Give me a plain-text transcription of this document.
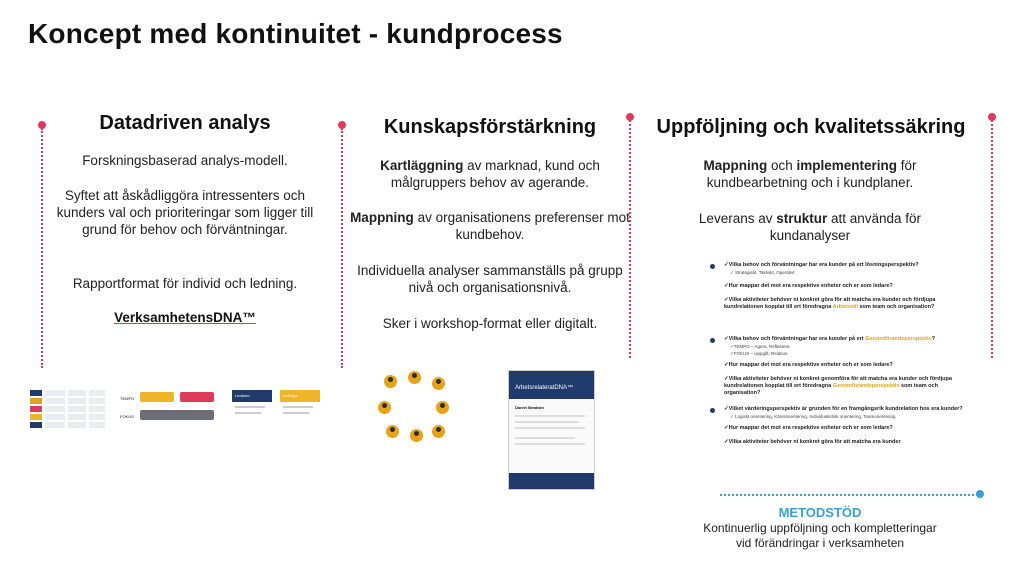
Koncept med kontinuitet - kundprocess
Datadriven analys
Forskningsbaserad analys-modell.
Syftet att åskådliggöra intressenters och kunders val och prioriteringar som ligger till grund för behov och förväntningar.
Rapportformat för individ och ledning.
VerksamhetensDNA™
TEMPO
FOKUS
Ledaren	Kollegor
Kunskapsförstärkning
Kartläggning av marknad, kund och målgruppers behov av agerande.
Mappning av organisationens preferenser mot kundbehov.
Individuella analyser sammanställs på grupp nivå och organisationsnivå.
Sker i workshop-format eller digitalt.
ArbetsrelateratDNA™
Daniel Bradwin
Uppföljning och kvalitetssäkring
Mappning och implementering för kundbearbetning och i kundplaner.
Leverans av struktur att använda för kundanalyser
✓Vilka behov och förväntningar har era kunder på ert lösningsperspektiv?
✓ Strategiskt, Taktiskt, Operativt
✓Hur mappar det mot era respektive enheter och er som ledare?
✓Vilka aktiviteter behöver ni konkret göra för att matcha era kunder och fördjupa kundrelationen kopplat till ert föredragna Arbetsstil som team och organisation?
✓Vilka behov och förväntningar har era kunder på ert Genomförandeperspektiv?
✓TEMPO – Agera, Reflektera
✓FOKUS – Uppgift, Relation
✓Hur mappar det mot era respektive enheter och er som ledare?
✓Vilka aktiviteter behöver ni konkret genomföra för att matcha era kunder och fördjupa kundrelationen kopplat till ert föredragna Genomförandeperspektiv som team och organisation?
✓Vilket värderingsperspektiv är grunden för en framgångsrik kundrelation hos era kunder?
✓ Logiskt orientering, Känslorientering, Individualistisk orientering, Teamorientering
✓Hur mappar det mot era respektive enheter och er som ledare?
✓Vilka aktiviteter behöver ni konkret göra för att matcha era kunder
METODSTÖD
Kontinuerlig uppföljning och kompletteringar
vid förändringar i verksamheten
